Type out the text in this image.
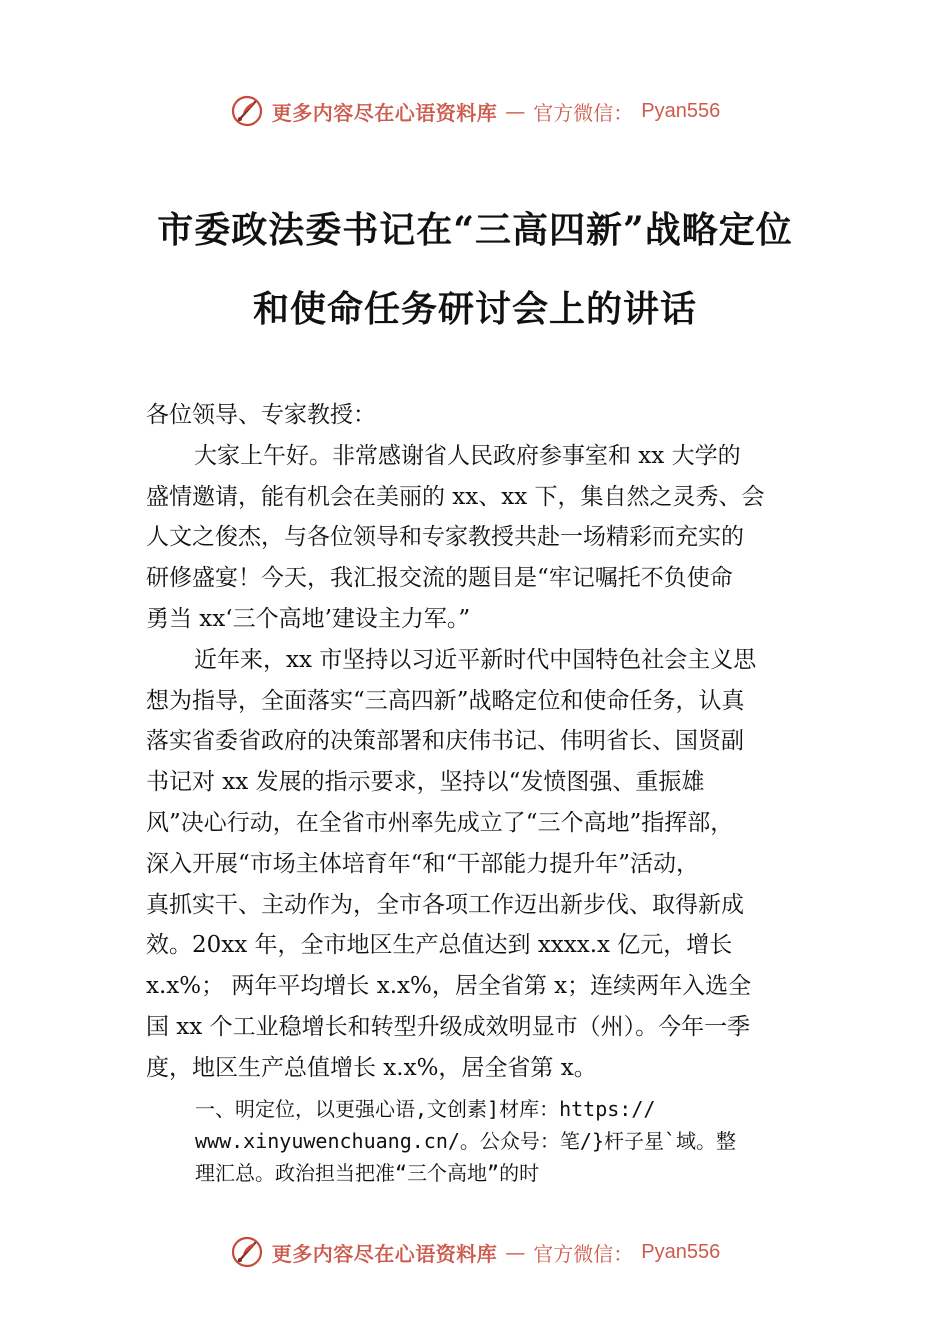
更多内容尽在心语资料库 — 官方微信： Pyan556
市委政法委书记在“三高四新”战略定位
和使命任务研讨会上的讲话

各位领导、专家教授：

大家上午好。非常感谢省人民政府参事室和 xx 大学的
盛情邀请，能有机会在美丽的 xx、xx 下，集自然之灵秀、会
人文之俊杰，与各位领导和专家教授共赴一场精彩而充实的
研修盛宴！今天，我汇报交流的题目是“牢记嘱托不负使命
勇当 xx‘三个高地’建设主力军。”

近年来，xx 市坚持以习近平新时代中国特色社会主义思
想为指导，全面落实“三高四新”战略定位和使命任务，认真
落实省委省政府的决策部署和庆伟书记、伟明省长、国贤副
书记对 xx 发展的指示要求，坚持以“发愤图强、重振雄
风”决心行动，在全省市州率先成立了“三个高地”指挥部，
深入开展“市场主体培育年“和“干部能力提升年”活动，
真抓实干、主动作为，全市各项工作迈出新步伐、取得新成
效。20xx 年，全市地区生产总值达到 xxxx.x 亿元，增长
x.x%； 两年平均增长 x.x%，居全省第 x；连续两年入选全
国 xx 个工业稳增长和转型升级成效明显市（州）。今年一季
度，地区生产总值增长 x.x%，居全省第 x。

一、明定位，以更强心语,文创素]材库：https://
www.xinyuwenchuang.cn/。公众号：笔/}杆子星`域。整
理汇总。政治担当把准“三个高地”的时
更多内容尽在心语资料库 — 官方微信： Pyan556
